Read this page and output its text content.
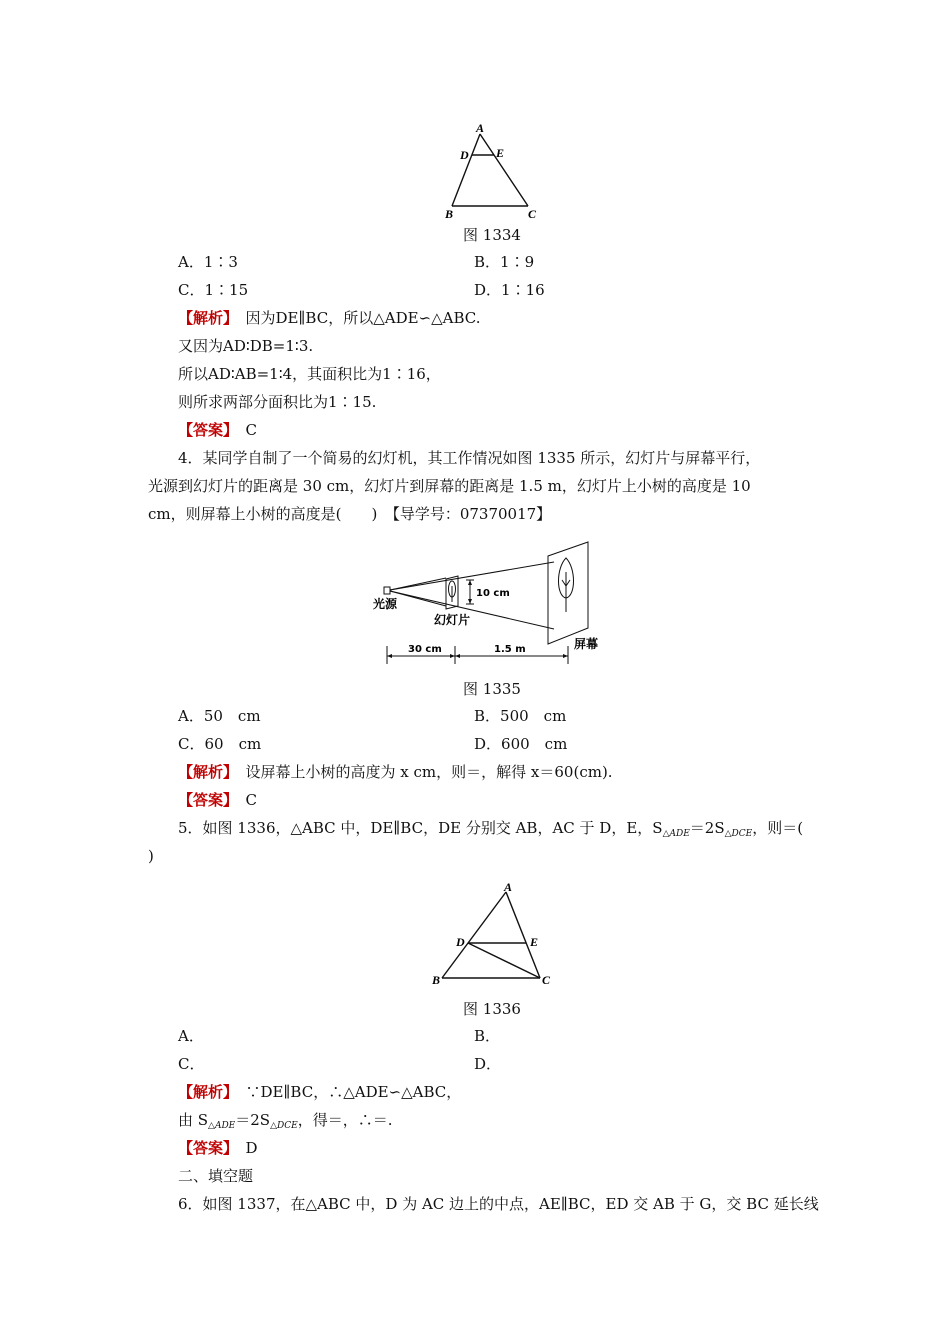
A
D E
B	C
图 1334
A．1∶3	B．1∶9
C．1∶15	D．1∶16
【解析】　 因为DE∥BC，所以△ADE∽△ABC.
又因为AD∶DB=1∶3.
所以AD∶AB=1∶4，其面积比为1∶16，
则所求两部分面积比为1∶15.
【答案】　 C
4．某同学自制了一个简易的幻灯机，其工作情况如图 1335 所示，幻灯片与屏幕平行，
光源到幻灯片的距离是 30 cm，幻灯片到屏幕的距离是 1.5 m，幻灯片上小树的高度是 10
cm，则屏幕上小树的高度是(　　)　【导学号：07370017】
光源
幻灯片
10 cm
屏幕
30 cm	1.5 m
图 1335
A．50　cm	B．500　cm
C．60　cm	D．600　cm
【解析】　 设屏幕上小树的高度为 x cm，则＝，解得 x＝60(cm).
【答案】　 C
5．如图 1336，△ABC 中，DE∥BC，DE 分别交 AB，AC 于 D，E，$S_{\triangle ADE}=2S_{\triangle DCE}$，则＝(
)
A
D	E
B	C
图 1336
A．	B．
C．	D．
【解析】　 ∵DE∥BC，∴△ADE∽△ABC，
由 $S_{\triangle ADE}=2S_{\triangle DCE}$，得＝，∴＝.
【答案】　 D
二、填空题
6．如图 1337，在△ABC 中，D 为 AC 边上的中点，AE∥BC，ED 交 AB 于 G，交 BC 延长线
